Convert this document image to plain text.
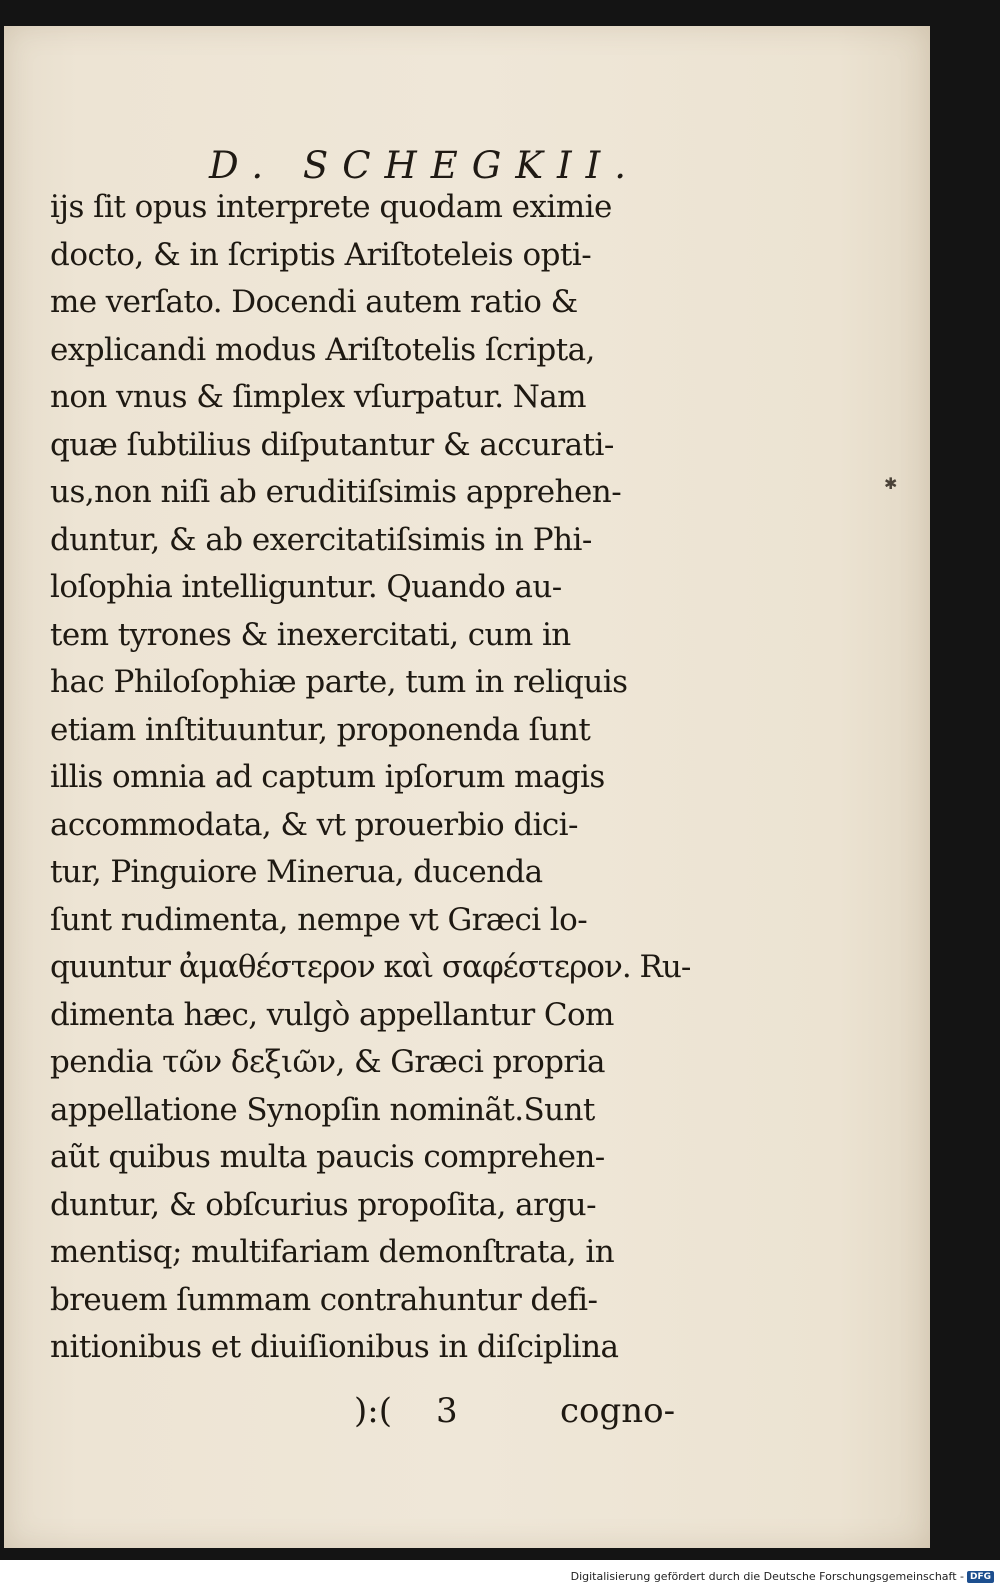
D. SCHEGKII.
ijs ſit opus interprete quodam eximie
docto, & in ſcriptis Ariſtoteleis opti-
me verſato. Docendi autem ratio &
explicandi modus Ariſtotelis ſcripta,
non vnus & ſimplex vſurpatur. Nam
quæ ſubtilius diſputantur & accurati-
us,non niſi ab eruditiſsimis apprehen-
duntur, & ab exercitatiſsimis in Phi-
loſophia intelliguntur. Quando au-
tem tyrones & inexercitati, cum in
hac Philoſophiæ parte, tum in reliquis
etiam inſtituuntur, proponenda ſunt
illis omnia ad captum ipſorum magis
accommodata, & vt prouerbio dici-
tur, Pinguiore Minerua, ducenda
ſunt rudimenta, nempe vt Græci lo-
quuntur ἀμαθέστερον καὶ σαφέστερον. Ru-
dimenta hæc, vulgò appellantur Com
pendia τῶν δεξιῶν, & Græci propria
appellatione Synopſin nominãt.Sunt
aũt quibus multa paucis comprehen-
duntur, & obſcurius propoſita, argu-
mentisq; multifariam demonſtrata, in
breuem ſummam contrahuntur defi-
nitionibus et diuiſionibus in diſciplina
):( 3	cogno-
✱
Digitalisierung gefördert durch die Deutsche Forschungsgemeinschaft - DFG
